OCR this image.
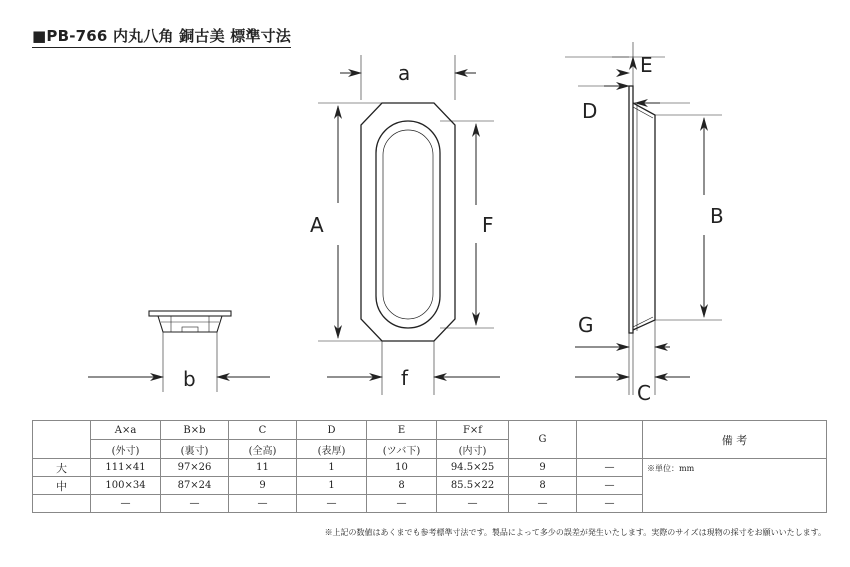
■PB-766 内丸八角 銅古美 標準寸法
a
A	F
f
b
E
D
B
G
C
	A×a	B×b	C	D	E	F×f	G		備 考
	(外寸)	(裏寸)	(全高)	(表厚)	(ツバ下)	(内寸)			
大	111×41	97×26	11	1	10	94.5×25	9	—	※単位：mm
中	100×34	87×24	9	1	8	85.5×22	8	—	
	—	—	—	—	—	—	—	—	
※上記の数値はあくまでも参考標準寸法です。製品によって多少の誤差が発生いたします。実際のサイズは現物の採寸をお願いいたします。
